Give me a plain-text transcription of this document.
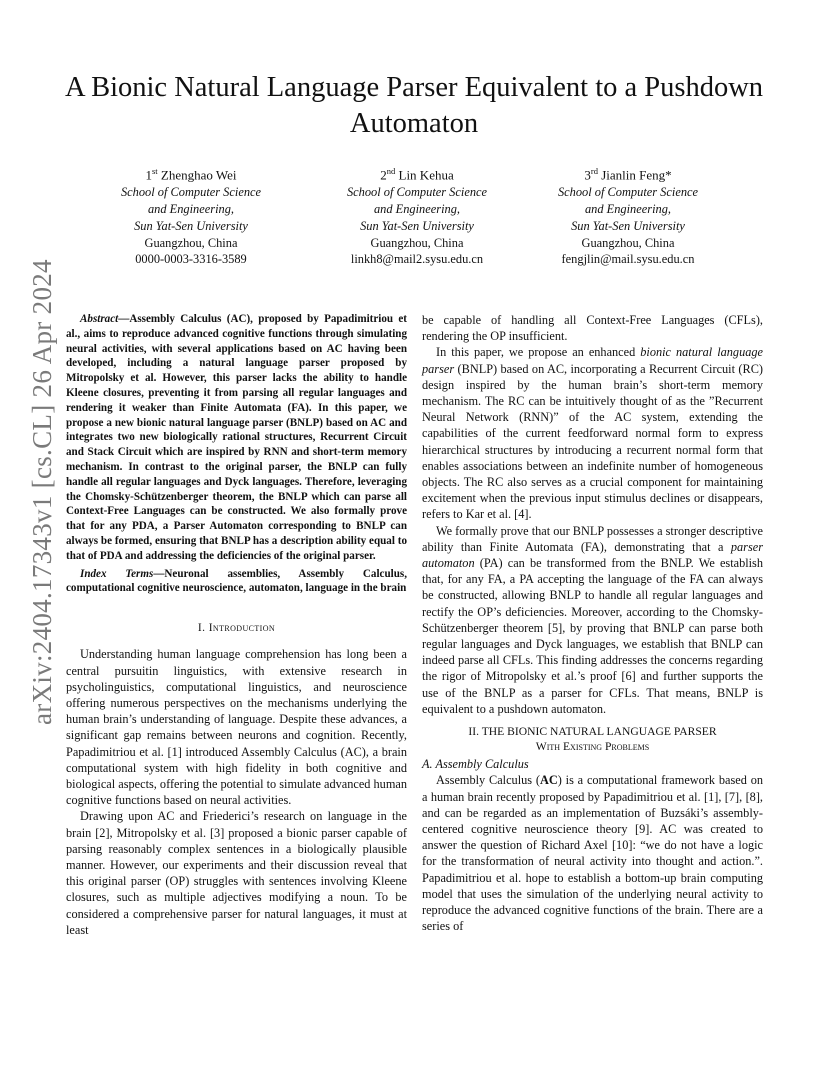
arXiv:2404.17343v1 [cs.CL] 26 Apr 2024
A Bionic Natural Language Parser Equivalent to a Pushdown Automaton
1st Zhenghao Wei
School of Computer Science
and Engineering,
Sun Yat-Sen University
Guangzhou, China
0000-0003-3316-3589
2nd Lin Kehua
School of Computer Science
and Engineering,
Sun Yat-Sen University
Guangzhou, China
linkh8@mail2.sysu.edu.cn
3rd Jianlin Feng*
School of Computer Science
and Engineering,
Sun Yat-Sen University
Guangzhou, China
fengjlin@mail.sysu.edu.cn

Abstract—Assembly Calculus (AC), proposed by Papadimitriou et al., aims to reproduce advanced cognitive functions through simulating neural activities, with several applications based on AC having been developed, including a natural language parser proposed by Mitropolsky et al. However, this parser lacks the ability to handle Kleene closures, preventing it from parsing all regular languages and rendering it weaker than Finite Automata (FA). In this paper, we propose a new bionic natural language parser (BNLP) based on AC and integrates two new biologically rational structures, Recurrent Circuit and Stack Circuit which are inspired by RNN and short-term memory mechanism. In contrast to the original parser, the BNLP can fully handle all regular languages and Dyck languages. Therefore, leveraging the Chomsky-Schützenberger theorem, the BNLP which can parse all Context-Free Languages can be constructed. We also formally prove that for any PDA, a Parser Automaton corresponding to BNLP can always be formed, ensuring that BNLP has a description ability equal to that of PDA and addressing the deficiencies of the original parser.

Index Terms—Neuronal assemblies, Assembly Calculus, computational cognitive neuroscience, automaton, language in the brain

I. Introduction

Understanding human language comprehension has long been a central pursuitin linguistics, with extensive research in psycholinguistics, computational linguistics, and neuroscience offering numerous perspectives on the mechanisms underlying the human brain’s understanding of language. Despite these advances, a significant gap remains between neurons and cognition. Recently, Papadimitriou et al. [1] introduced Assembly Calculus (AC), a brain computational system with high fidelity in both cognitive and biological aspects, offering the potential to simulate advanced human cognitive functions based on neural activities.

Drawing upon AC and Friederici’s research on language in the brain [2], Mitropolsky et al. [3] proposed a bionic parser capable of parsing reasonably complex sentences in a biologically plausible manner. However, our experiments and their discussion reveal that this original parser (OP) struggles with sentences involving Kleene closures, such as multiple adjectives modifying a noun. To be considered a comprehensive parser for natural languages, it must at least

be capable of handling all Context-Free Languages (CFLs), rendering the OP insufficient.

In this paper, we propose an enhanced bionic natural language parser (BNLP) based on AC, incorporating a Recurrent Circuit (RC) design inspired by the human brain’s short-term memory mechanism. The RC can be intuitively thought of as the ”Recurrent Neural Network (RNN)” of the AC system, extending the capabilities of the current feedforward normal form to express hierarchical structures by introducing a recurrent normal form that enables associations between an indefinite number of homogeneous objects. The RC also serves as a crucial component for maintaining excitement when the previous input stimulus declines or disappears, refers to Kar et al. [4].

We formally prove that our BNLP possesses a stronger descriptive ability than Finite Automata (FA), demonstrating that a parser automaton (PA) can be transformed from the BNLP. We establish that, for any FA, a PA accepting the language of the FA can always be constructed, allowing BNLP to handle all regular languages and rectify the OP’s deficiencies. Moreover, according to the Chomsky-Schützenberger theorem [5], by proving that BNLP can parse both regular languages and Dyck languages, we establish that BNLP can indeed parse all CFLs. This finding addresses the concerns regarding the rigor of Mitropolsky et al.’s proof [6] and further supports the use of the BNLP as a parser for CFLs. That means, BNLP is equivalent to a pushdown automaton.

II. THE BIONIC NATURAL LANGUAGE PARSER
With Existing Problems

A. Assembly Calculus

Assembly Calculus (AC) is a computational framework based on a human brain recently proposed by Papadimitriou et al. [1], [7], [8], and can be regarded as an implementation of Buzsáki’s assembly-centered cognitive neuroscience theory [9]. AC was created to answer the question of Richard Axel [10]: “we do not have a logic for the transformation of neural activity into thought and action.”. Papadimitriou et al. hope to establish a bottom-up brain computing model that uses the simulation of the underlying neural activity to reproduce the advanced cognitive functions of the brain. There are a series of
